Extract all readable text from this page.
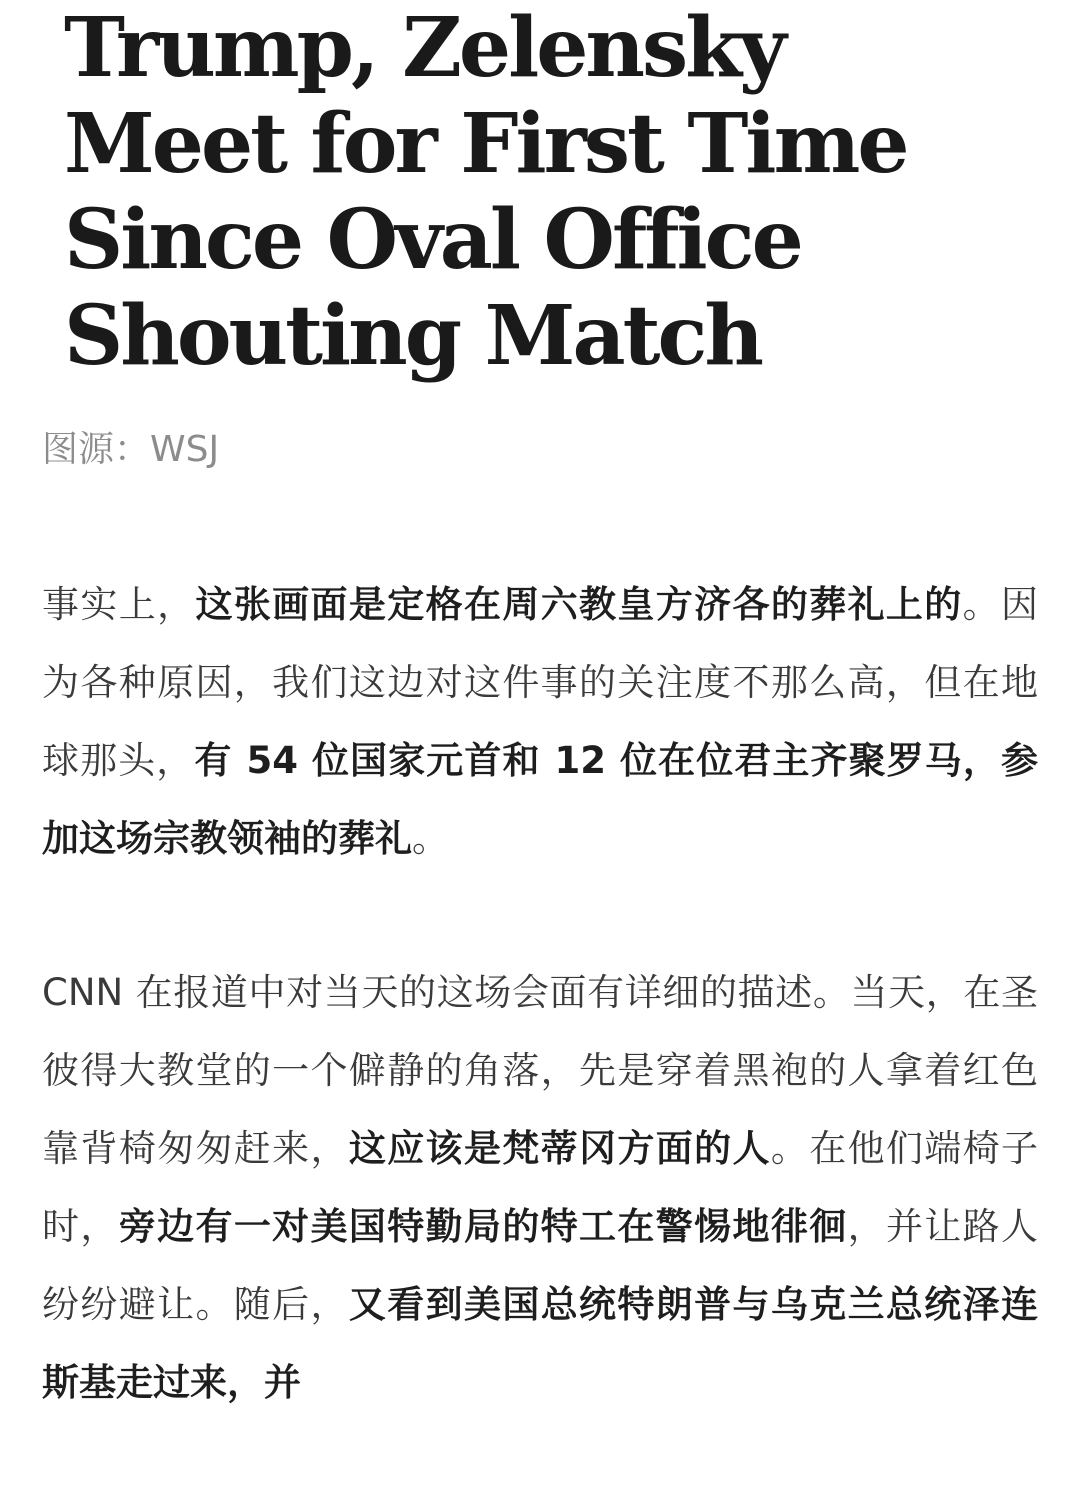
Trump, Zelensky Meet for First Time Since Oval Office Shouting Match

图源：WSJ

事实上，这张画面是定格在周六教皇方济各的葬礼上的。因为各种原因，我们这边对这件事的关注度不那么高，但在地球那头，有 54 位国家元首和 12 位在位君主齐聚罗马，参加这场宗教领袖的葬礼。

CNN 在报道中对当天的这场会面有详细的描述。当天，在圣彼得大教堂的一个僻静的角落，先是穿着黑袍的人拿着红色靠背椅匆匆赶来，这应该是梵蒂冈方面的人。在他们端椅子时，旁边有一对美国特勤局的特工在警惕地徘徊，并让路人纷纷避让。随后，又看到美国总统特朗普与乌克兰总统泽连斯基走过来，并
